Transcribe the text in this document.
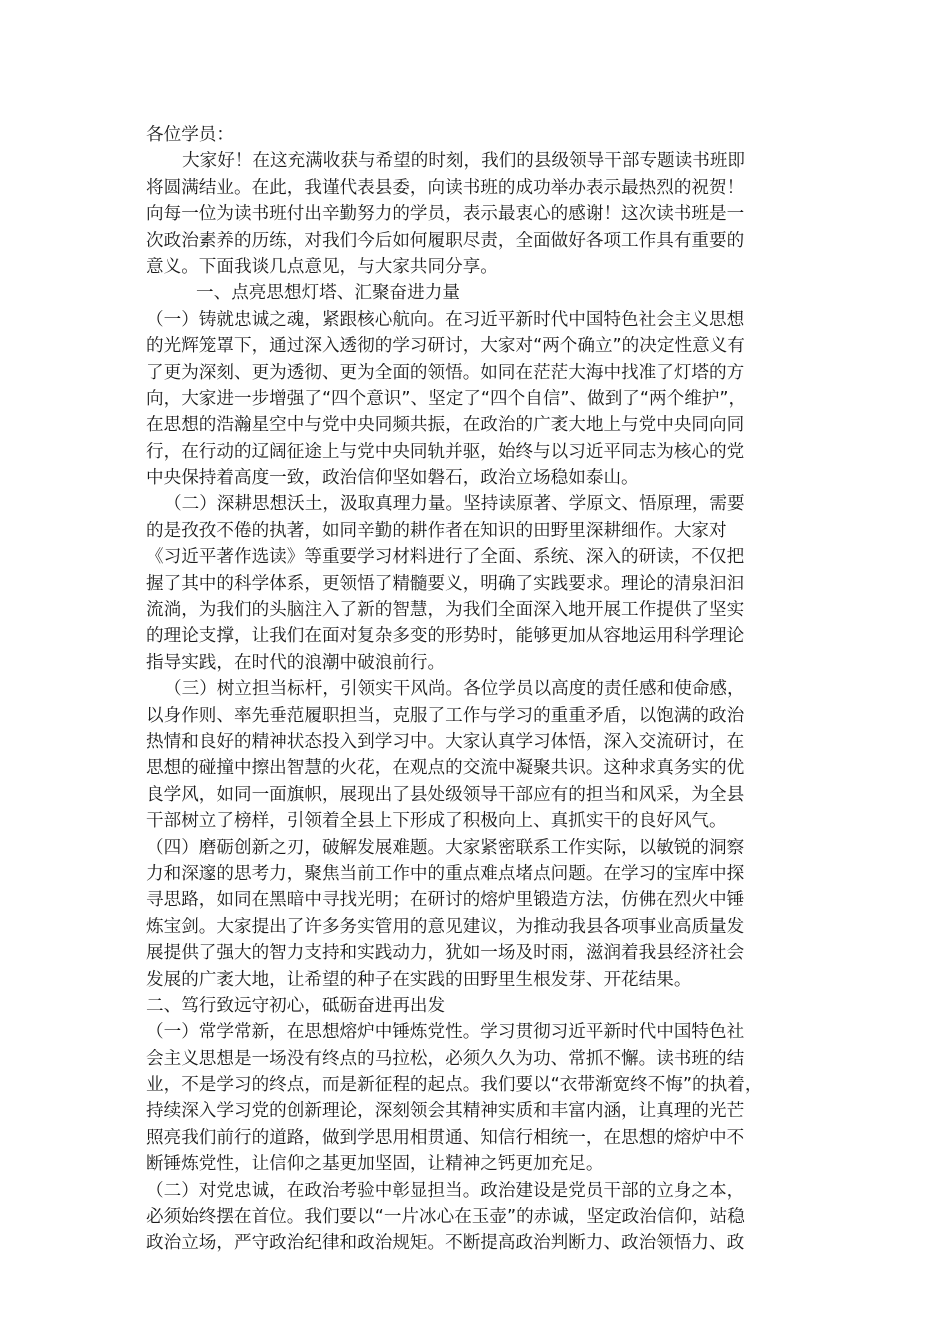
各位学员：
大家好！在这充满收获与希望的时刻，我们的县级领导干部专题读书班即
将圆满结业。在此，我谨代表县委，向读书班的成功举办表示最热烈的祝贺！
向每一位为读书班付出辛勤努力的学员，表示最衷心的感谢！这次读书班是一
次政治素养的历练，对我们今后如何履职尽责，全面做好各项工作具有重要的
意义。下面我谈几点意见，与大家共同分享。
一、点亮思想灯塔、汇聚奋进力量
（一）铸就忠诚之魂，紧跟核心航向。在习近平新时代中国特色社会主义思想
的光辉笼罩下，通过深入透彻的学习研讨，大家对“两个确立”的决定性意义有
了更为深刻、更为透彻、更为全面的领悟。如同在茫茫大海中找准了灯塔的方
向，大家进一步增强了“四个意识”、坚定了“四个自信”、做到了“两个维护”，
在思想的浩瀚星空中与党中央同频共振，在政治的广袤大地上与党中央同向同
行，在行动的辽阔征途上与党中央同轨并驱，始终与以习近平同志为核心的党
中央保持着高度一致，政治信仰坚如磐石，政治立场稳如泰山。
（二）深耕思想沃土，汲取真理力量。坚持读原著、学原文、悟原理，需要
的是孜孜不倦的执著，如同辛勤的耕作者在知识的田野里深耕细作。大家对
《习近平著作选读》等重要学习材料进行了全面、系统、深入的研读，不仅把
握了其中的科学体系，更领悟了精髓要义，明确了实践要求。理论的清泉汩汩
流淌，为我们的头脑注入了新的智慧，为我们全面深入地开展工作提供了坚实
的理论支撑，让我们在面对复杂多变的形势时，能够更加从容地运用科学理论
指导实践，在时代的浪潮中破浪前行。
（三）树立担当标杆，引领实干风尚。各位学员以高度的责任感和使命感，
以身作则、率先垂范履职担当，克服了工作与学习的重重矛盾，以饱满的政治
热情和良好的精神状态投入到学习中。大家认真学习体悟，深入交流研讨，在
思想的碰撞中擦出智慧的火花，在观点的交流中凝聚共识。这种求真务实的优
良学风，如同一面旗帜，展现出了县处级领导干部应有的担当和风采，为全县
干部树立了榜样，引领着全县上下形成了积极向上、真抓实干的良好风气。
（四）磨砺创新之刃，破解发展难题。大家紧密联系工作实际，以敏锐的洞察
力和深邃的思考力，聚焦当前工作中的重点难点堵点问题。在学习的宝库中探
寻思路，如同在黑暗中寻找光明；在研讨的熔炉里锻造方法，仿佛在烈火中锤
炼宝剑。大家提出了许多务实管用的意见建议，为推动我县各项事业高质量发
展提供了强大的智力支持和实践动力，犹如一场及时雨，滋润着我县经济社会
发展的广袤大地，让希望的种子在实践的田野里生根发芽、开花结果。
二、笃行致远守初心，砥砺奋进再出发
（一）常学常新，在思想熔炉中锤炼党性。学习贯彻习近平新时代中国特色社
会主义思想是一场没有终点的马拉松，必须久久为功、常抓不懈。读书班的结
业，不是学习的终点，而是新征程的起点。我们要以“衣带渐宽终不悔”的执着，
持续深入学习党的创新理论，深刻领会其精神实质和丰富内涵，让真理的光芒
照亮我们前行的道路，做到学思用相贯通、知信行相统一，在思想的熔炉中不
断锤炼党性，让信仰之基更加坚固，让精神之钙更加充足。
（二）对党忠诚，在政治考验中彰显担当。政治建设是党员干部的立身之本，
必须始终摆在首位。我们要以“一片冰心在玉壶”的赤诚，坚定政治信仰，站稳
政治立场，严守政治纪律和政治规矩。不断提高政治判断力、政治领悟力、政
